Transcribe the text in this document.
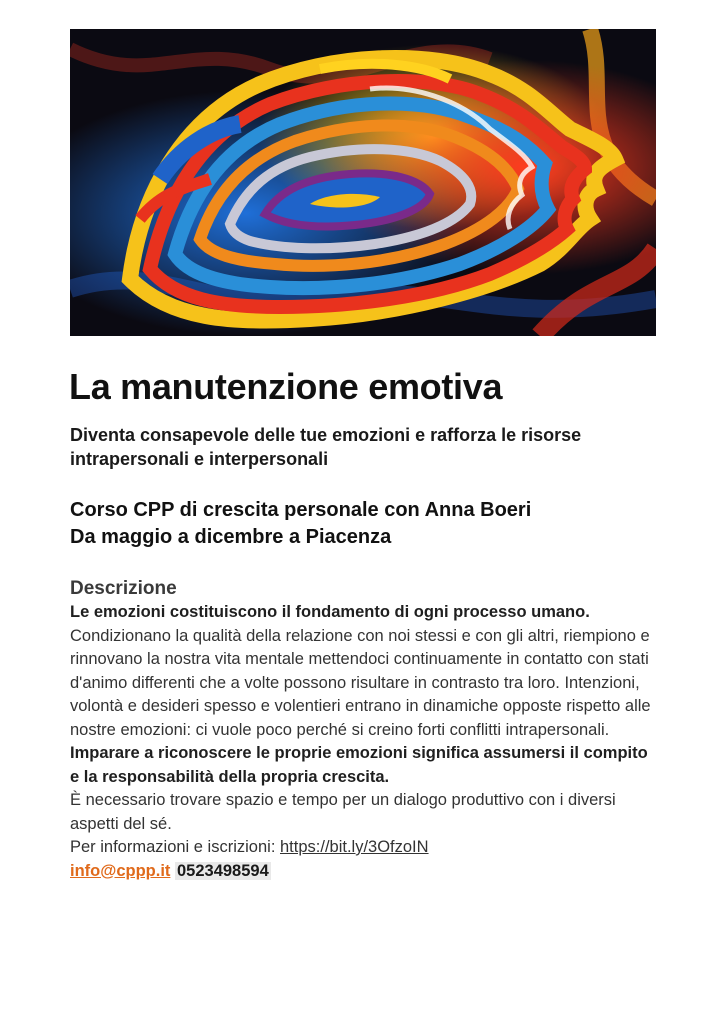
La manutenzione emotiva
Diventa consapevole delle tue emozioni e rafforza le risorse intrapersonali e interpersonali
Corso CPP di crescita personale con Anna Boeri
Da maggio a dicembre a Piacenza
Descrizione
Le emozioni costituiscono il fondamento di ogni processo umano.
Condizionano la qualità della relazione con noi stessi e con gli altri, riempiono e rinnovano la nostra vita mentale mettendoci continuamente in contatto con stati d'animo differenti che a volte possono risultare in contrasto tra loro. Intenzioni, volontà e desideri spesso e volentieri entrano in dinamiche opposte rispetto alle nostre emozioni: ci vuole poco perché si creino forti conflitti intrapersonali.
Imparare a riconoscere le proprie emozioni significa assumersi il compito e la responsabilità della propria crescita.
È necessario trovare spazio e tempo per un dialogo produttivo con i diversi aspetti del sé.
Per informazioni e iscrizioni: https://bit.ly/3OfzoIN
info@cppp.it 0523498594
